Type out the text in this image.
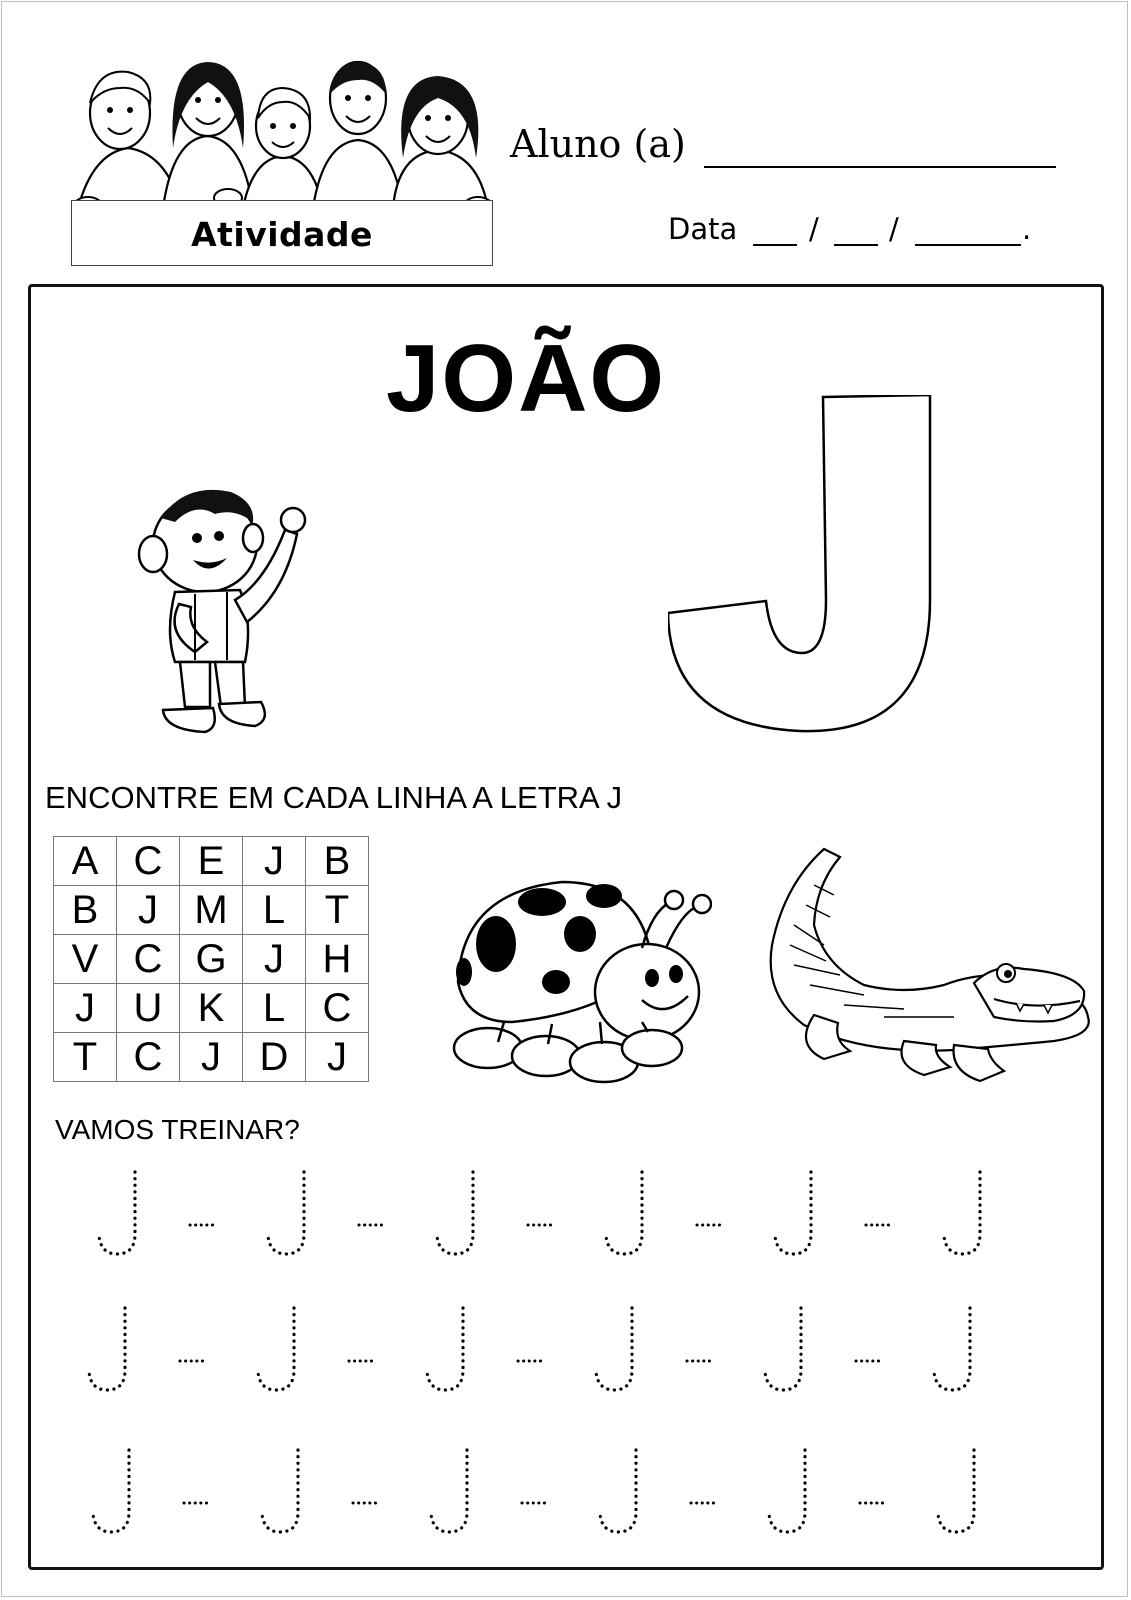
Atividade
Aluno (a)
Data / /	.
JOÃO
ENCONTRE EM CADA LINHA A LETRA J
A	C	E	J	B
B	J	M	L	T
V	C	G	J	H
J	U	K	L	C
T	C	J	D	J
VAMOS TREINAR?
